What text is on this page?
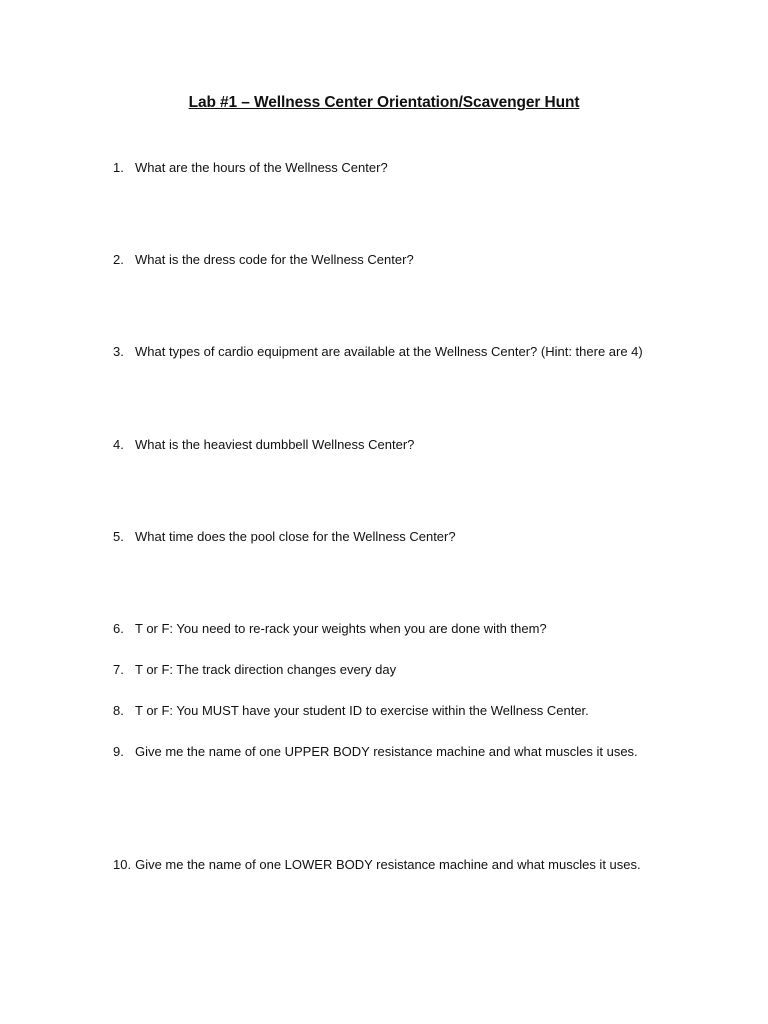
Lab #1 – Wellness Center Orientation/Scavenger Hunt
1. What are the hours of the Wellness Center?
2. What is the dress code for the Wellness Center?
3. What types of cardio equipment are available at the Wellness Center? (Hint: there are 4)
4. What is the heaviest dumbbell Wellness Center?
5. What time does the pool close for the Wellness Center?
6. T or F: You need to re-rack your weights when you are done with them?
7. T or F: The track direction changes every day
8. T or F: You MUST have your student ID to exercise within the Wellness Center.
9. Give me the name of one UPPER BODY resistance machine and what muscles it uses.
10. Give me the name of one LOWER BODY resistance machine and what muscles it uses.
